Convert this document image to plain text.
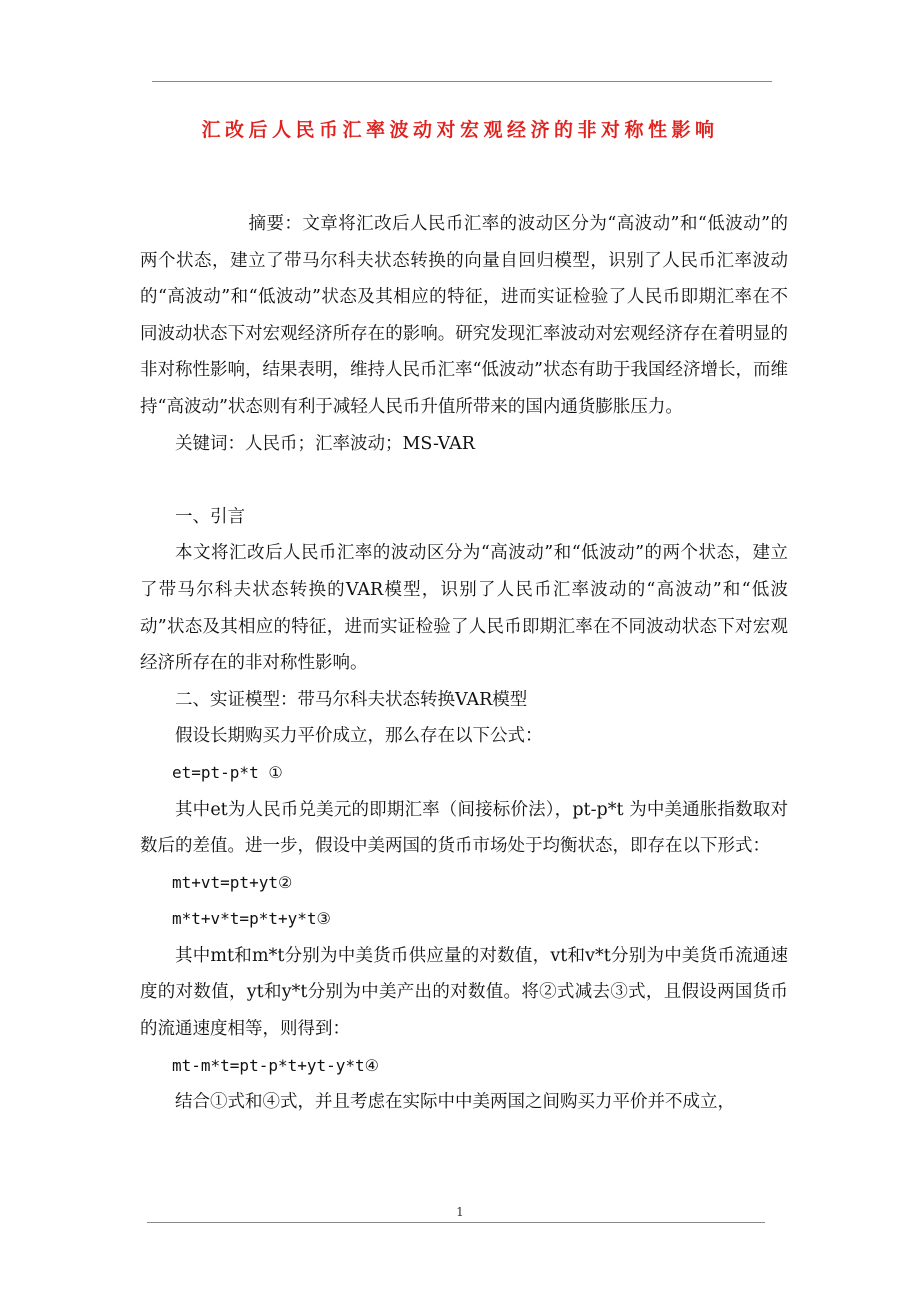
汇改后人民币汇率波动对宏观经济的非对称性影响

摘要：文章将汇改后人民币汇率的波动区分为“高波动”和“低波动”的两个状态，建立了带马尔科夫状态转换的向量自回归模型，识别了人民币汇率波动的“高波动”和“低波动”状态及其相应的特征，进而实证检验了人民币即期汇率在不同波动状态下对宏观经济所存在的影响。研究发现汇率波动对宏观经济存在着明显的非对称性影响，结果表明，维持人民币汇率“低波动”状态有助于我国经济增长，而维持“高波动”状态则有利于减轻人民币升值所带来的国内通货膨胀压力。

关键词：人民币；汇率波动；MS-VAR

一、引言

本文将汇改后人民币汇率的波动区分为“高波动”和“低波动”的两个状态，建立了带马尔科夫状态转换的VAR模型，识别了人民币汇率波动的“高波动”和“低波动”状态及其相应的特征，进而实证检验了人民币即期汇率在不同波动状态下对宏观经济所存在的非对称性影响。

二、实证模型：带马尔科夫状态转换VAR模型

假设长期购买力平价成立，那么存在以下公式：

et=pt-p*t ①

其中et为人民币兑美元的即期汇率（间接标价法），pt-p*t 为中美通胀指数取对数后的差值。进一步，假设中美两国的货币市场处于均衡状态，即存在以下形式：

mt+vt=pt+yt②

m*t+v*t=p*t+y*t③

其中mt和m*t分别为中美货币供应量的对数值，vt和v*t分别为中美货币流通速度的对数值，yt和y*t分别为中美产出的对数值。将②式减去③式，且假设两国货币的流通速度相等，则得到：

mt-m*t=pt-p*t+yt-y*t④

结合①式和④式，并且考虑在实际中中美两国之间购买力平价并不成立，

1
